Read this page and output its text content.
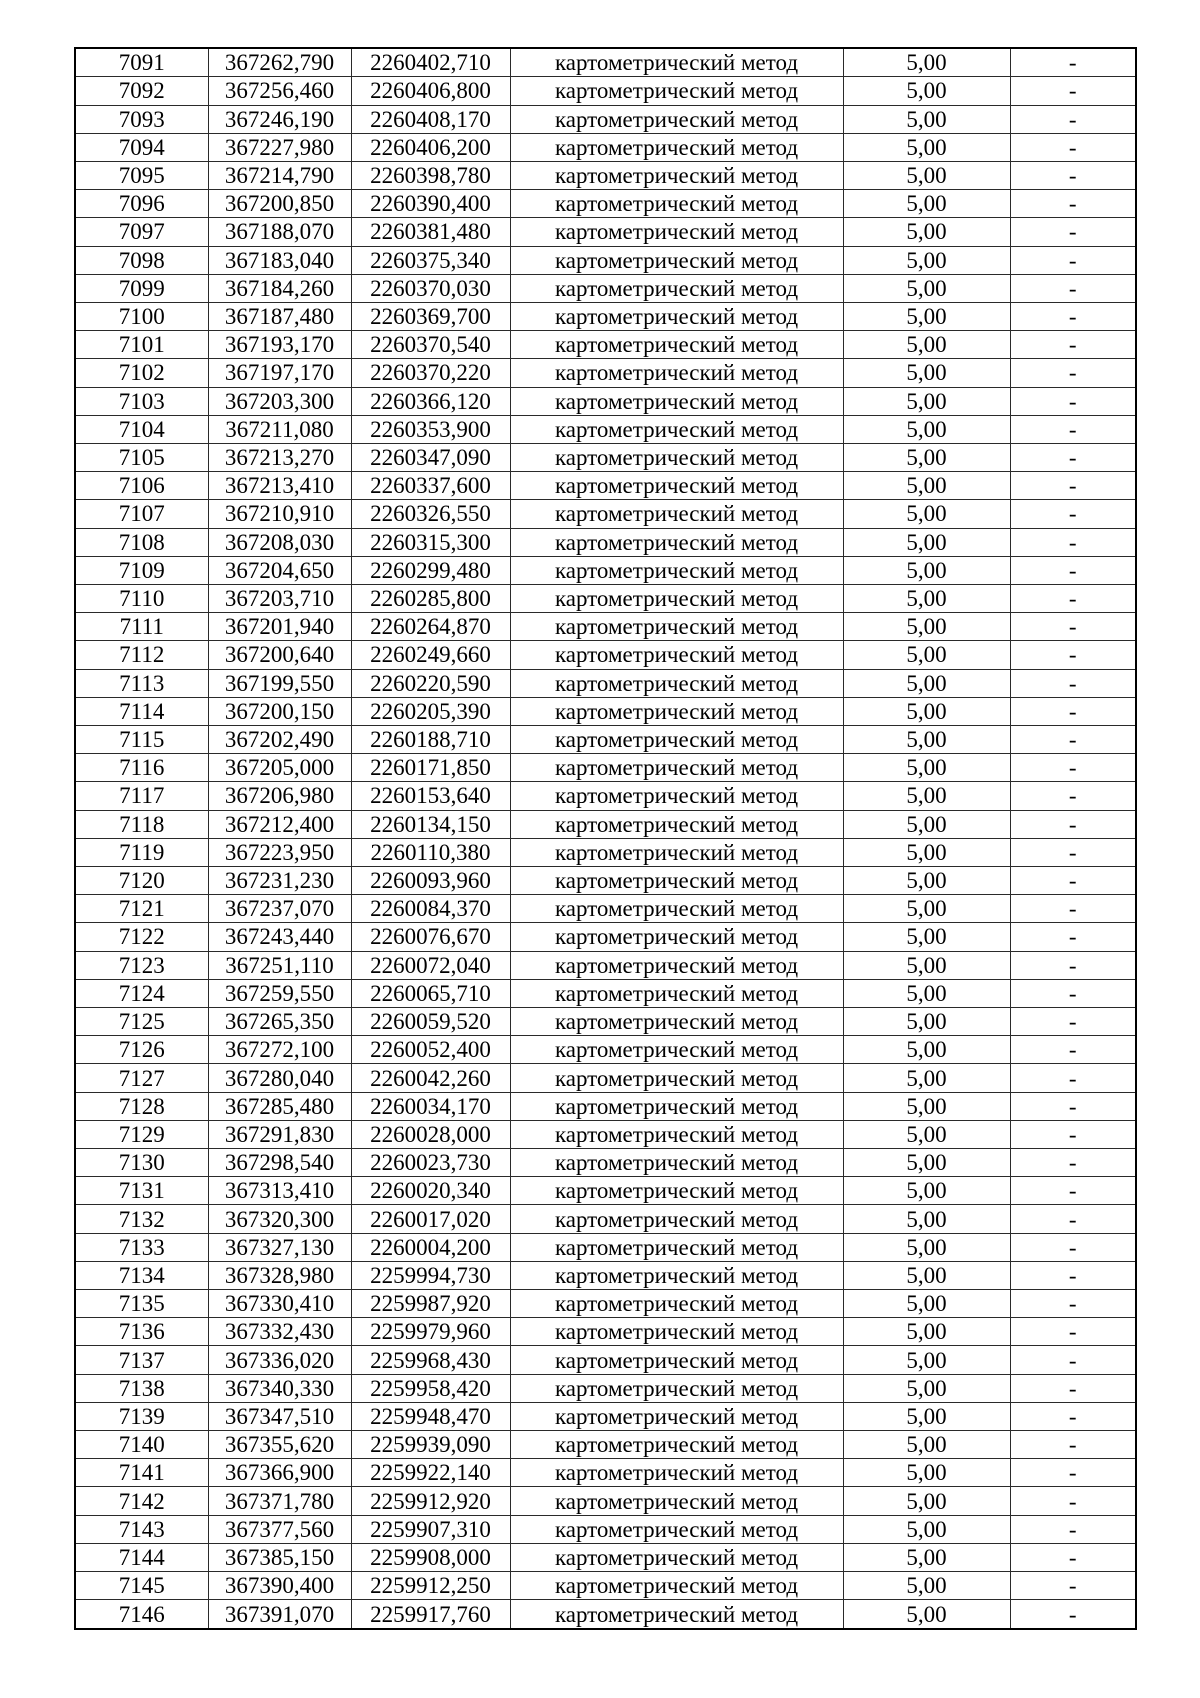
7091	367262,790	2260402,710	картометрический метод	5,00	-
7092	367256,460	2260406,800	картометрический метод	5,00	-
7093	367246,190	2260408,170	картометрический метод	5,00	-
7094	367227,980	2260406,200	картометрический метод	5,00	-
7095	367214,790	2260398,780	картометрический метод	5,00	-
7096	367200,850	2260390,400	картометрический метод	5,00	-
7097	367188,070	2260381,480	картометрический метод	5,00	-
7098	367183,040	2260375,340	картометрический метод	5,00	-
7099	367184,260	2260370,030	картометрический метод	5,00	-
7100	367187,480	2260369,700	картометрический метод	5,00	-
7101	367193,170	2260370,540	картометрический метод	5,00	-
7102	367197,170	2260370,220	картометрический метод	5,00	-
7103	367203,300	2260366,120	картометрический метод	5,00	-
7104	367211,080	2260353,900	картометрический метод	5,00	-
7105	367213,270	2260347,090	картометрический метод	5,00	-
7106	367213,410	2260337,600	картометрический метод	5,00	-
7107	367210,910	2260326,550	картометрический метод	5,00	-
7108	367208,030	2260315,300	картометрический метод	5,00	-
7109	367204,650	2260299,480	картометрический метод	5,00	-
7110	367203,710	2260285,800	картометрический метод	5,00	-
7111	367201,940	2260264,870	картометрический метод	5,00	-
7112	367200,640	2260249,660	картометрический метод	5,00	-
7113	367199,550	2260220,590	картометрический метод	5,00	-
7114	367200,150	2260205,390	картометрический метод	5,00	-
7115	367202,490	2260188,710	картометрический метод	5,00	-
7116	367205,000	2260171,850	картометрический метод	5,00	-
7117	367206,980	2260153,640	картометрический метод	5,00	-
7118	367212,400	2260134,150	картометрический метод	5,00	-
7119	367223,950	2260110,380	картометрический метод	5,00	-
7120	367231,230	2260093,960	картометрический метод	5,00	-
7121	367237,070	2260084,370	картометрический метод	5,00	-
7122	367243,440	2260076,670	картометрический метод	5,00	-
7123	367251,110	2260072,040	картометрический метод	5,00	-
7124	367259,550	2260065,710	картометрический метод	5,00	-
7125	367265,350	2260059,520	картометрический метод	5,00	-
7126	367272,100	2260052,400	картометрический метод	5,00	-
7127	367280,040	2260042,260	картометрический метод	5,00	-
7128	367285,480	2260034,170	картометрический метод	5,00	-
7129	367291,830	2260028,000	картометрический метод	5,00	-
7130	367298,540	2260023,730	картометрический метод	5,00	-
7131	367313,410	2260020,340	картометрический метод	5,00	-
7132	367320,300	2260017,020	картометрический метод	5,00	-
7133	367327,130	2260004,200	картометрический метод	5,00	-
7134	367328,980	2259994,730	картометрический метод	5,00	-
7135	367330,410	2259987,920	картометрический метод	5,00	-
7136	367332,430	2259979,960	картометрический метод	5,00	-
7137	367336,020	2259968,430	картометрический метод	5,00	-
7138	367340,330	2259958,420	картометрический метод	5,00	-
7139	367347,510	2259948,470	картометрический метод	5,00	-
7140	367355,620	2259939,090	картометрический метод	5,00	-
7141	367366,900	2259922,140	картометрический метод	5,00	-
7142	367371,780	2259912,920	картометрический метод	5,00	-
7143	367377,560	2259907,310	картометрический метод	5,00	-
7144	367385,150	2259908,000	картометрический метод	5,00	-
7145	367390,400	2259912,250	картометрический метод	5,00	-
7146	367391,070	2259917,760	картометрический метод	5,00	-
